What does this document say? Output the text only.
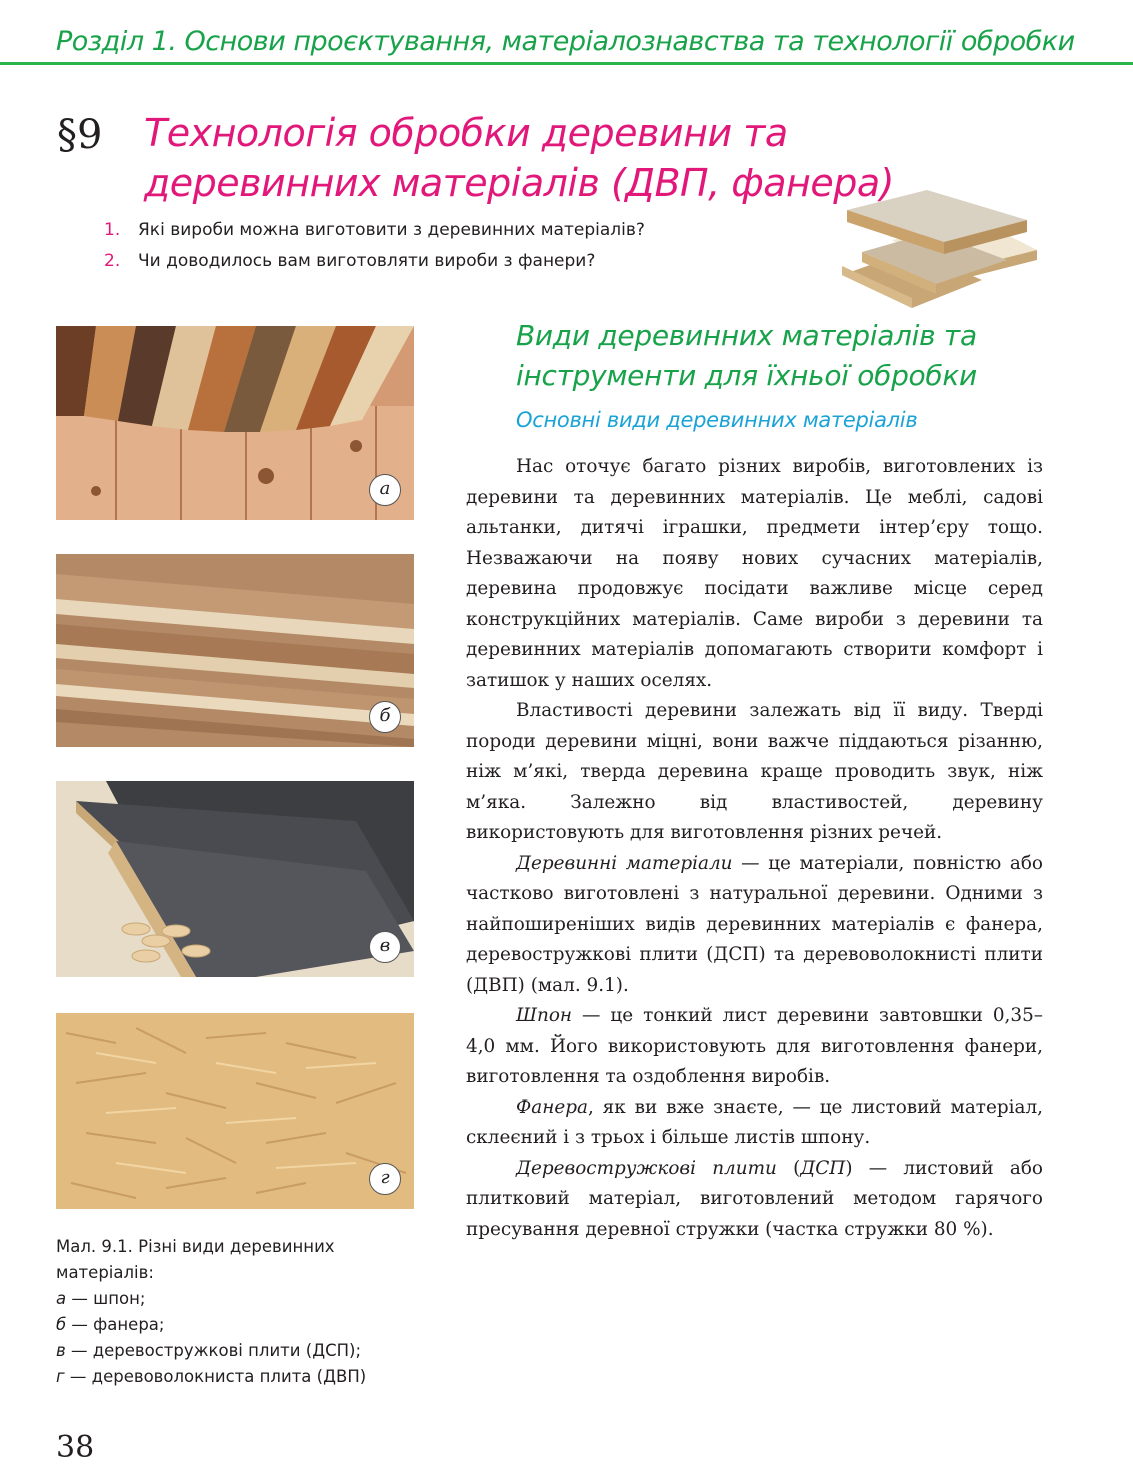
Розділ 1. Основи проєктування, матеріалознавства та технології обробки
§9 Технологія обробки деревини та деревинних матеріалів (ДВП, фанера)
1. Які вироби можна виготовити з деревинних матеріалів?
2. Чи доводилось вам виготовляти вироби з фанери?
а
б
в
г
Мал. 9.1. Різні види деревинних матеріалів:
а — шпон;
б — фанера;
в — деревостружкові плити (ДСП);
г — деревоволокниста плита (ДВП)
38
Види деревинних матеріалів та інструменти для їхньої обробки
Основні види деревинних матеріалів

Нас оточує багато різних виробів, виготовлених із деревини та деревинних матеріалів. Це меблі, садові альтанки, дитячі іграшки, предмети інтер’єру тощо. Незважаючи на появу нових сучасних матеріалів, деревина продовжує посідати важливе місце серед конструкційних матеріалів. Саме вироби з деревини та деревинних матеріалів допомагають створити комфорт і затишок у наших оселях.

Властивості деревини залежать від її виду. Тверді породи деревини міцні, вони важче піддаються різанню, ніж м’які, тверда деревина краще проводить звук, ніж м’яка. Залежно від властивостей, деревину використовують для виготовлення різних речей.

Деревинні матеріали — це матеріали, повністю або частково виготовлені з натуральної деревини. Одними з найпоширеніших видів деревинних матеріалів є фанера, деревостружкові плити (ДСП) та деревоволокнисті плити (ДВП) (мал. 9.1).

Шпон — це тонкий лист деревини завтовшки 0,35–4,0 мм. Його використовують для виготовлення фанери, виготовлення та оздоблення виробів.

Фанера, як ви вже знаєте, — це листовий матеріал, склеєний і з трьох і більше листів шпону.

Деревостружкові плити (ДСП) — листовий або плитковий матеріал, виготовлений методом гарячого пресування деревної стружки (частка стружки 80 %).
